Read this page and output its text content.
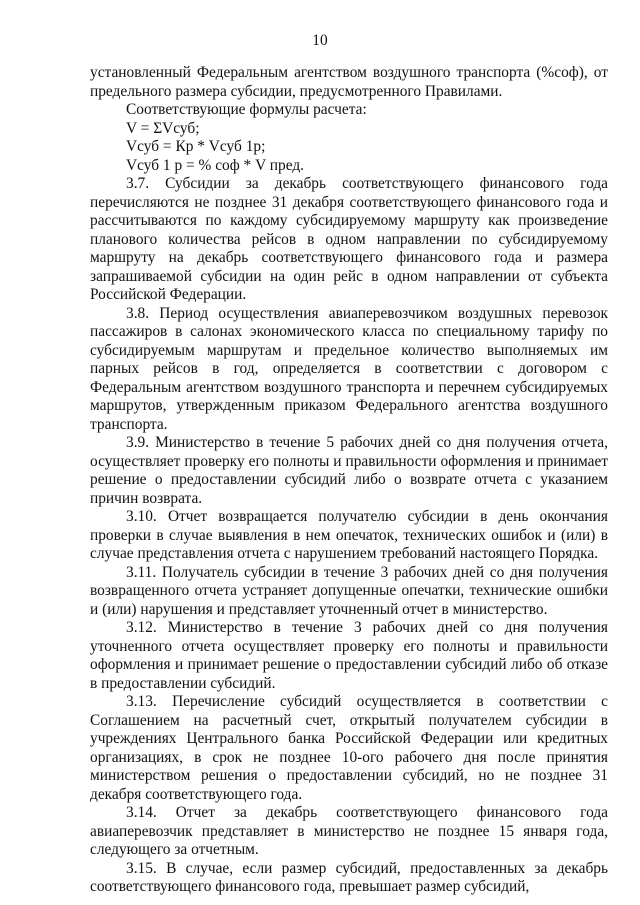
10

установленный Федеральным агентством воздушного транспорта (%соф), от предельного размера субсидии, предусмотренного Правилами.

Соответствующие формулы расчета:

V = ΣVсуб;

Vсуб = Кр * Vсуб 1р;

Vсуб 1 р = % соф * V пред.

3.7. Субсидии за декабрь соответствующего финансового года перечисляются не позднее 31 декабря соответствующего финансового года и рассчитываются по каждому субсидируемому маршруту как произведение планового количества рейсов в одном направлении по субсидируемому маршруту на декабрь соответствующего финансового года и размера запрашиваемой субсидии на один рейс в одном направлении от субъекта Российской Федерации.

3.8. Период осуществления авиаперевозчиком воздушных перевозок пассажиров в салонах экономического класса по специальному тарифу по субсидируемым маршрутам и предельное количество выполняемых им парных рейсов в год, определяется в соответствии с договором с Федеральным агентством воздушного транспорта и перечнем субсидируемых маршрутов, утвержденным приказом Федерального агентства воздушного транспорта.

3.9. Министерство в течение 5 рабочих дней со дня получения отчета, осуществляет проверку его полноты и правильности оформления и принимает решение о предоставлении субсидий либо о возврате отчета с указанием причин возврата.

3.10. Отчет возвращается получателю субсидии в день окончания проверки в случае выявления в нем опечаток, технических ошибок и (или) в случае представления отчета с нарушением требований настоящего Порядка.

3.11. Получатель субсидии в течение 3 рабочих дней со дня получения возвращенного отчета устраняет допущенные опечатки, технические ошибки и (или) нарушения и представляет уточненный отчет в министерство.

3.12. Министерство в течение 3 рабочих дней со дня получения уточненного отчета осуществляет проверку его полноты и правильности оформления и принимает решение о предоставлении субсидий либо об отказе в предоставлении субсидий.

3.13. Перечисление субсидий осуществляется в соответствии с Соглашением на расчетный счет, открытый получателем субсидии в учреждениях Центрального банка Российской Федерации или кредитных организациях, в срок не позднее 10-ого рабочего дня после принятия министерством решения о предоставлении субсидий, но не позднее 31 декабря соответствующего года.

3.14. Отчет за декабрь соответствующего финансового года авиаперевозчик представляет в министерство не позднее 15 января года, следующего за отчетным.

3.15. В случае, если размер субсидий, предоставленных за декабрь соответствующего финансового года, превышает размер субсидий,
